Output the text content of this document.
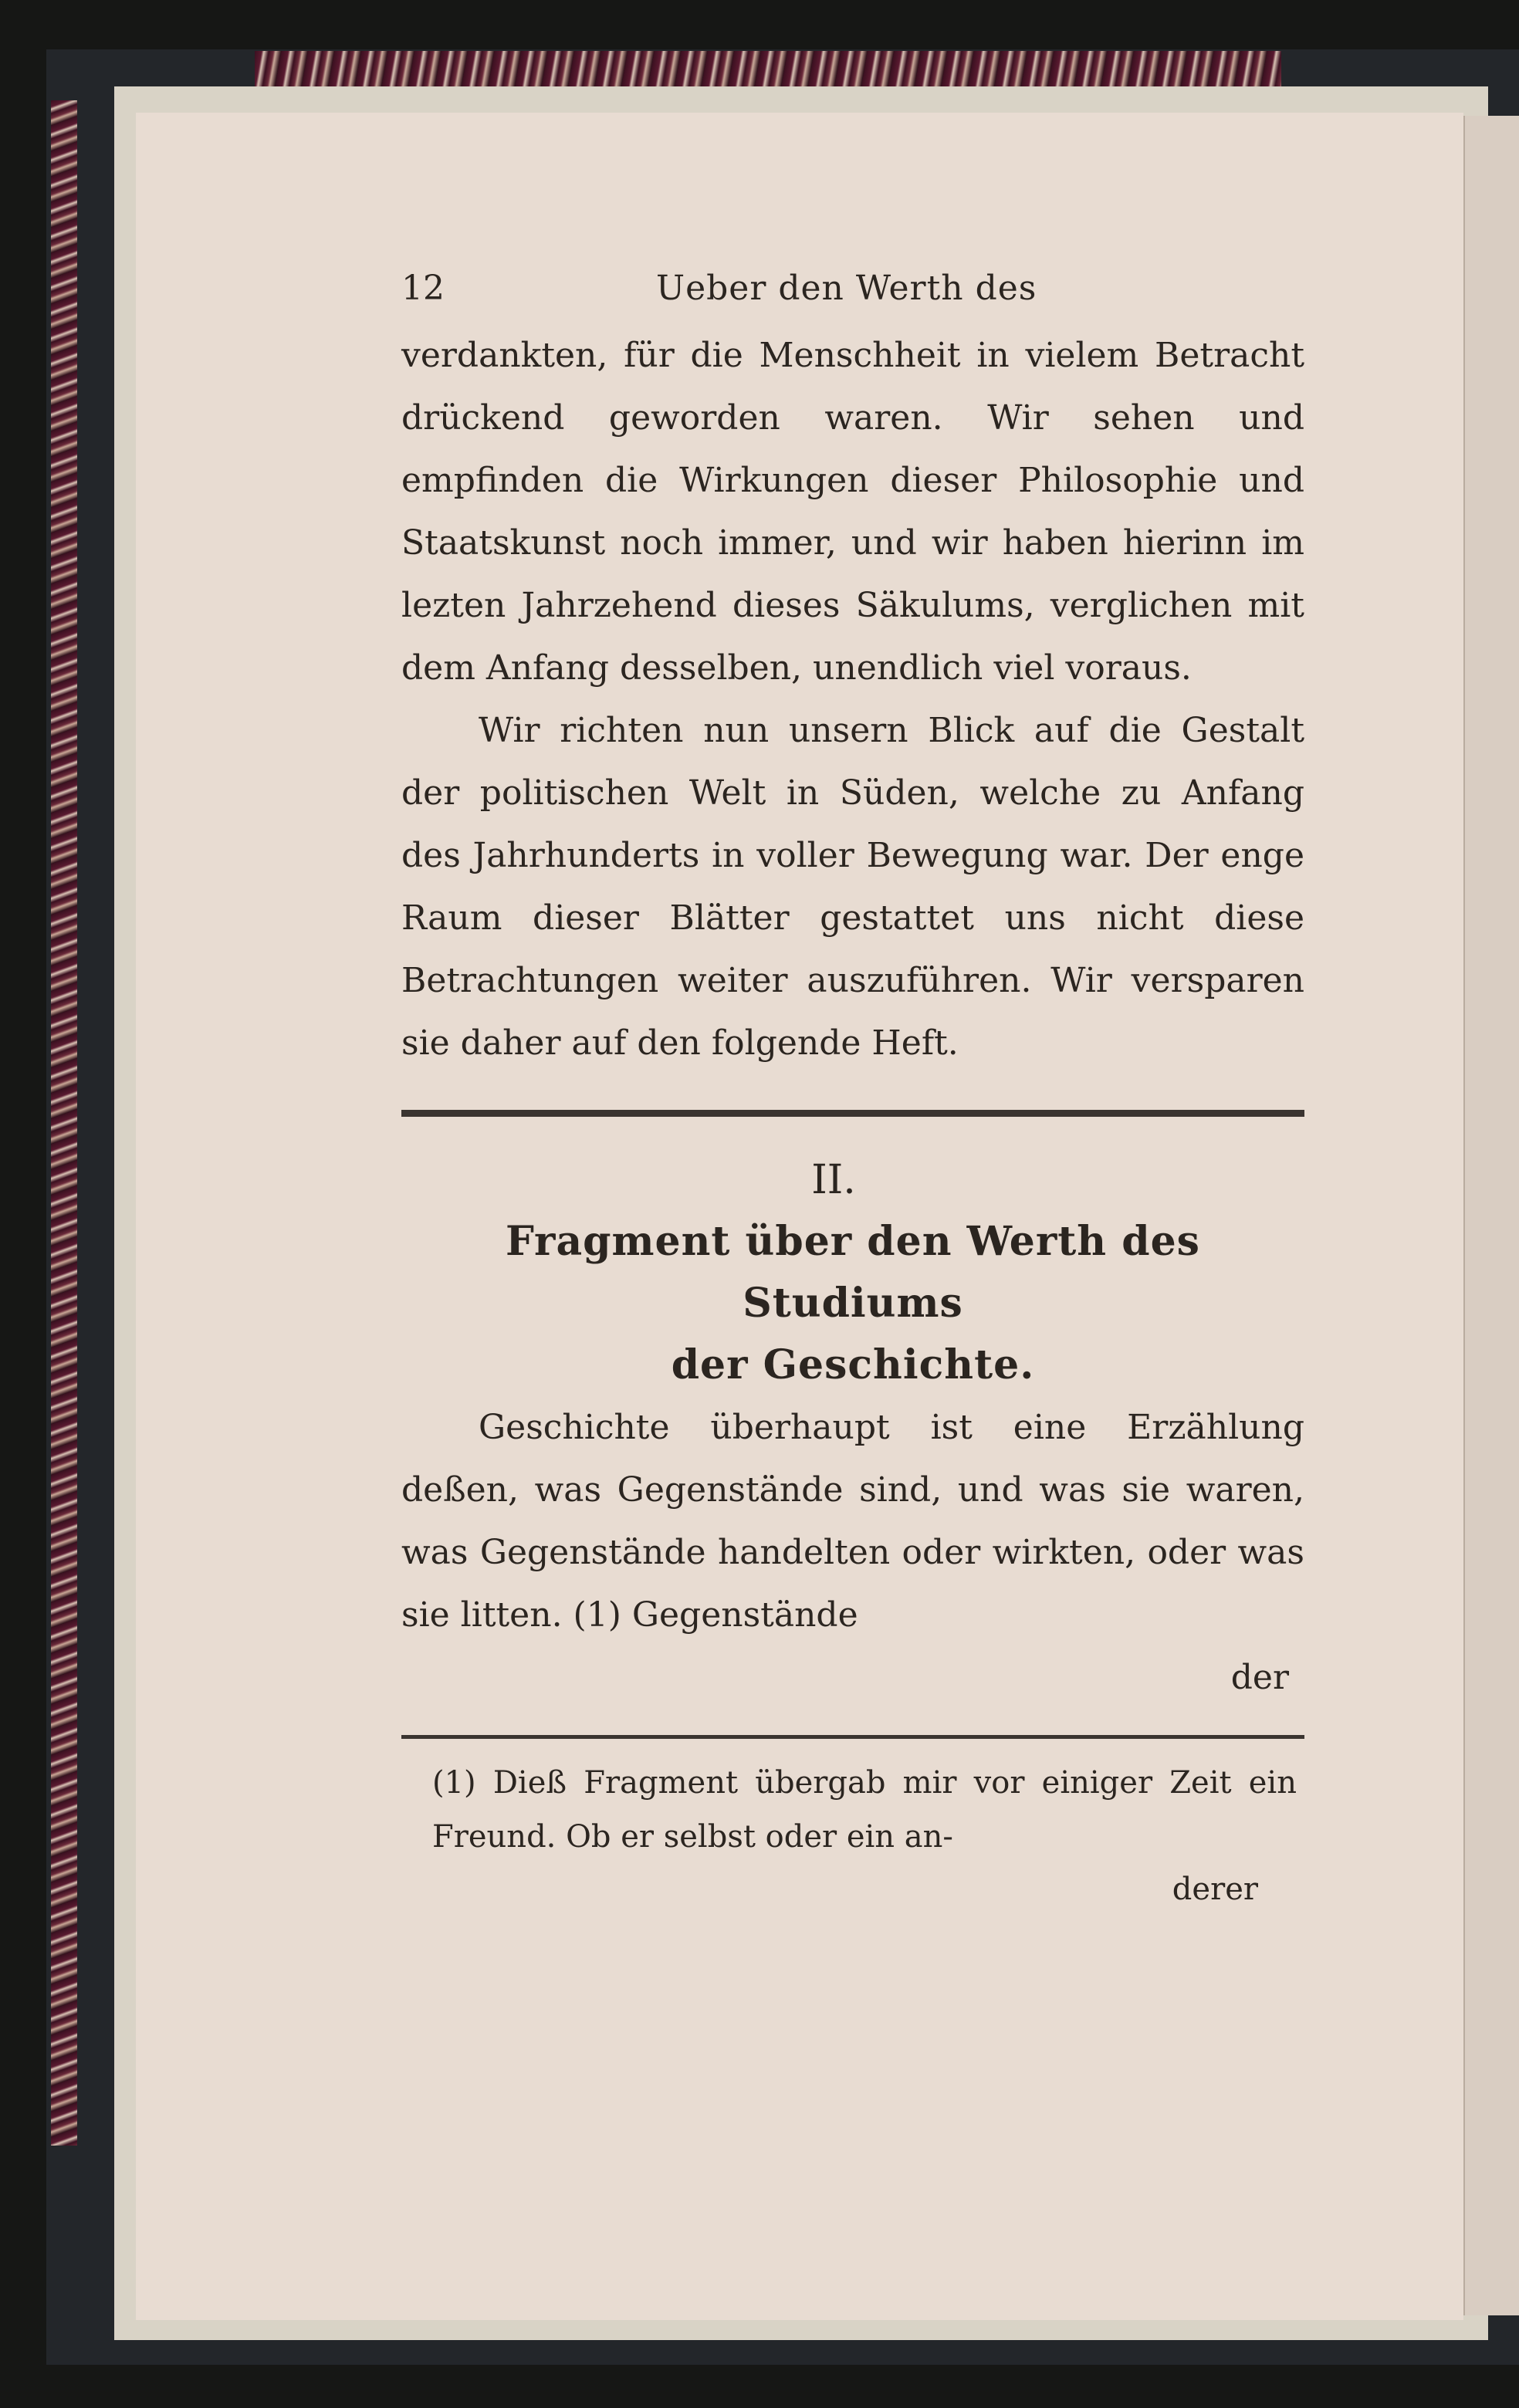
12	Ueber den Werth des

verdankten, für die Menschheit in vielem Betracht drückend geworden waren. Wir sehen und empfinden die Wirkungen dieser Philosophie und Staatskunst noch immer, und wir haben hierinn im lezten Jahrzehend dieses Säkulums, verglichen mit dem Anfang desselben, unendlich viel voraus.

Wir richten nun unsern Blick auf die Gestalt der politischen Welt in Süden, welche zu Anfang des Jahrhunderts in voller Bewegung war. Der enge Raum dieser Blätter gestattet uns nicht diese Betrachtungen weiter auszuführen. Wir versparen sie daher auf den folgende Heft.

II.
Fragment über den Werth des Studiums
der Geschichte.

Geschichte überhaupt ist eine Erzählung deßen, was Gegenstände sind, und was sie waren, was Gegenstände handelten oder wirkten, oder was sie litten. (1) Gegenstände

der

(1) Dieß Fragment übergab mir vor einiger Zeit ein Freund. Ob er selbst oder ein an-

derer
